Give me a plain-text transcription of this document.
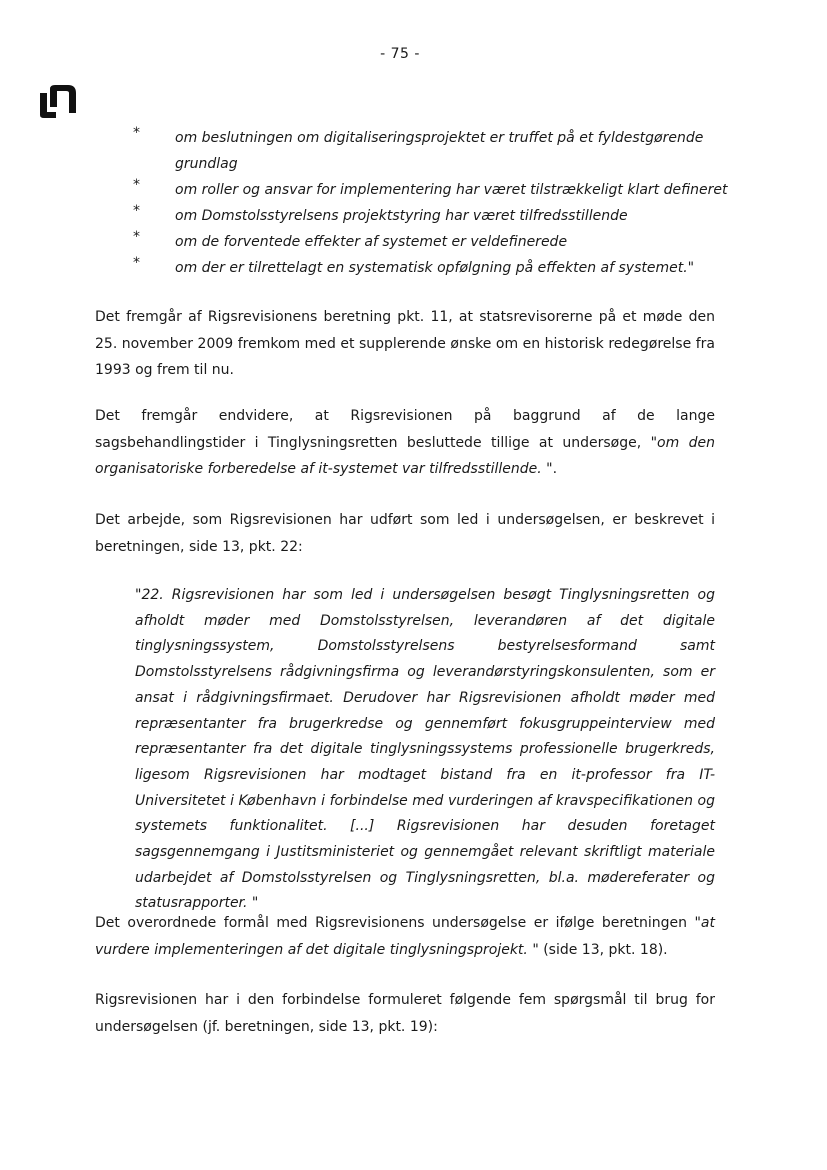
- 75 -
*	om beslutningen om digitaliseringsprojektet er truffet på et fyldestgørende grundlag
*	om roller og ansvar for implementering har været tilstrækkeligt klart defineret
*	om Domstolsstyrelsens projektstyring har været tilfredsstillende
*	om de forventede effekter af systemet er veldefinerede
*	om der er tilrettelagt en systematisk opfølgning på effekten af systemet."
Det fremgår af Rigsrevisionens beretning pkt. 11, at statsrevisorerne på et møde den 25. november 2009 fremkom med et supplerende ønske om en historisk redegørelse fra 1993 og frem til nu.
Det fremgår endvidere, at Rigsrevisionen på baggrund af de lange sagsbehandlingstider i Tinglysningsretten besluttede tillige at undersøge, "om den organisatoriske forberedelse af it-systemet var tilfredsstillende. ".
Det arbejde, som Rigsrevisionen har udført som led i undersøgelsen, er beskrevet i beretningen, side 13, pkt. 22:
"22. Rigsrevisionen har som led i undersøgelsen besøgt Tinglysningsretten og afholdt møder med Domstolsstyrelsen, leverandøren af det digitale tinglysningssystem, Domstolsstyrelsens bestyrelsesformand samt Domstolsstyrelsens rådgivningsfirma og leverandørstyringskonsulenten, som er ansat i rådgivningsfirmaet. Derudover har Rigsrevisionen afholdt møder med repræsentanter fra brugerkredse og gennemført fokusgruppeinterview med repræsentanter fra det digitale tinglysningssystems professionelle brugerkreds, ligesom Rigsrevisionen har modtaget bistand fra en it-professor fra IT-Universitetet i København i forbindelse med vurderingen af kravspecifikationen og systemets funktionalitet. [...] Rigsrevisionen har desuden foretaget sagsgennemgang i Justitsministeriet og gennemgået relevant skriftligt materiale udarbejdet af Domstolsstyrelsen og Tinglysningsretten, bl.a. mødereferater og statusrapporter. "
Det overordnede formål med Rigsrevisionens undersøgelse er ifølge beretningen "at vurdere implementeringen af det digitale tinglysningsprojekt. " (side 13, pkt. 18).
Rigsrevisionen har i den forbindelse formuleret følgende fem spørgsmål til brug for undersøgelsen (jf. beretningen, side 13, pkt. 19):
